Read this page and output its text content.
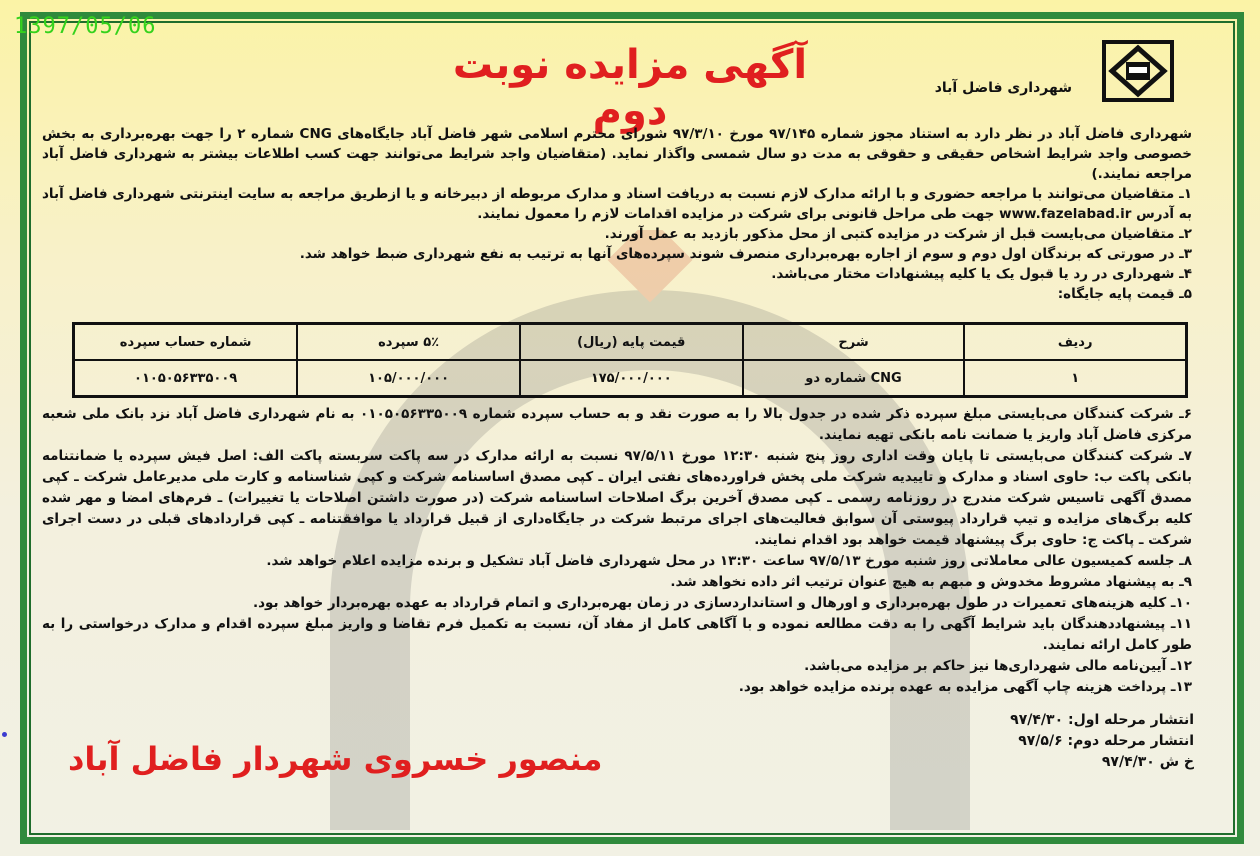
1397/05/06
شهرداری فاضل آباد
آگهی مزایده نوبت دوم

شهرداری فاضل آباد در نظر دارد به استناد مجوز شماره ۹۷/۱۴۵ مورخ ۹۷/۳/۱۰ شورای محترم اسلامی شهر فاضل آباد جایگاه‌های CNG شماره ۲ را جهت بهره‌برداری به بخش خصوصی واجد شرایط اشخاص حقیقی و حقوقی به مدت دو سال شمسی واگذار نماید. (متقاضیان واجد شرایط می‌توانند جهت کسب اطلاعات بیشتر به شهرداری فاضل آباد مراجعه نمایند.)

۱ـ متقاضیان می‌توانند با مراجعه حضوری و با ارائه مدارک لازم نسبت به دریافت اسناد و مدارک مربوطه از دبیرخانه و یا ازطریق مراجعه به سایت اینترنتی شهرداری فاضل آباد به آدرس www.fazelabad.ir جهت طی مراحل قانونی برای شرکت در مزایده اقدامات لازم را معمول نمایند.

۲ـ متقاضیان می‌بایست قبل از شرکت در مزایده کتبی از محل مذکور بازدید به عمل آورند.

۳ـ در صورتی که برندگان اول دوم و سوم از اجاره بهره‌برداری منصرف شوند سپرده‌های آنها به ترتیب به نفع شهرداری ضبط خواهد شد.

۴ـ شهرداری در رد یا قبول یک یا کلیه پیشنهادات مختار می‌باشد.

۵ـ قیمت پایه جایگاه:

ردیف	شرح	قیمت پایه (ریال)	۵٪ سپرده	شماره حساب سپرده
۱	CNG شماره دو	۱۷۵/۰۰۰/۰۰۰	۱۰۵/۰۰۰/۰۰۰	۰۱۰۵۰۵۶۳۳۵۰۰۹

۶ـ شرکت کنندگان می‌بایستی مبلغ سپرده ذکر شده در جدول بالا را به صورت نقد و به حساب سپرده شماره ۰۱۰۵۰۵۶۳۳۵۰۰۹ به نام شهرداری فاضل آباد نزد بانک ملی شعبه مرکزی فاضل آباد واریز یا ضمانت نامه بانکی تهیه نمایند.

۷ـ شرکت کنندگان می‌بایستی تا پایان وقت اداری روز پنج شنبه ۱۲:۳۰ مورخ ۹۷/۵/۱۱ نسبت به ارائه مدارک در سه پاکت سربسته پاکت الف: اصل فیش سپرده یا ضمانتنامه بانکی پاکت ب: حاوی اسناد و مدارک و تاییدیه شرکت ملی پخش فراورده‌های نفتی ایران ـ کپی مصدق اساسنامه شرکت و کپی شناسنامه و کارت ملی مدیرعامل شرکت ـ کپی مصدق آگهی تاسیس شرکت مندرج در روزنامه رسمی ـ کپی مصدق آخرین برگ اصلاحات اساسنامه شرکت (در صورت داشتن اصلاحات یا تغییرات) ـ فرم‌های امضا و مهر شده کلیه برگ‌های مزایده و تیپ قرارداد پیوستی آن سوابق فعالیت‌های اجرای مرتبط شرکت در جایگاه‌داری از قبیل قرارداد یا موافقتنامه ـ کپی قراردادهای قبلی در دست اجرای شرکت ـ پاکت ج: حاوی برگ پیشنهاد قیمت خواهد بود اقدام نمایند.

۸ـ جلسه کمیسیون عالی معاملاتی روز شنبه مورخ ۹۷/۵/۱۳ ساعت ۱۳:۳۰ در محل شهرداری فاضل آباد تشکیل و برنده مزایده اعلام خواهد شد.

۹ـ به پیشنهاد مشروط مخدوش و مبهم به هیچ عنوان ترتیب اثر داده نخواهد شد.

۱۰ـ کلیه هزینه‌های تعمیرات در طول بهره‌برداری و اورهال و استانداردسازی در زمان بهره‌برداری و اتمام قرارداد به عهده بهره‌بردار خواهد بود.

۱۱ـ پیشنهاددهندگان باید شرایط آگهی را به دقت مطالعه نموده و با آگاهی کامل از مفاد آن، نسبت به تکمیل فرم تقاضا و واریز مبلغ سپرده اقدام و مدارک درخواستی را به طور کامل ارائه نمایند.

۱۲ـ آیین‌نامه مالی شهرداری‌ها نیز حاکم بر مزایده می‌باشد.

۱۳ـ پرداخت هزینه چاپ آگهی مزایده به عهده برنده مزایده خواهد بود.

انتشار مرحله اول: ۹۷/۴/۳۰
انتشار مرحله دوم: ۹۷/۵/۶
خ ش ۹۷/۴/۳۰
منصور خسروی شهردار فاضل آباد
